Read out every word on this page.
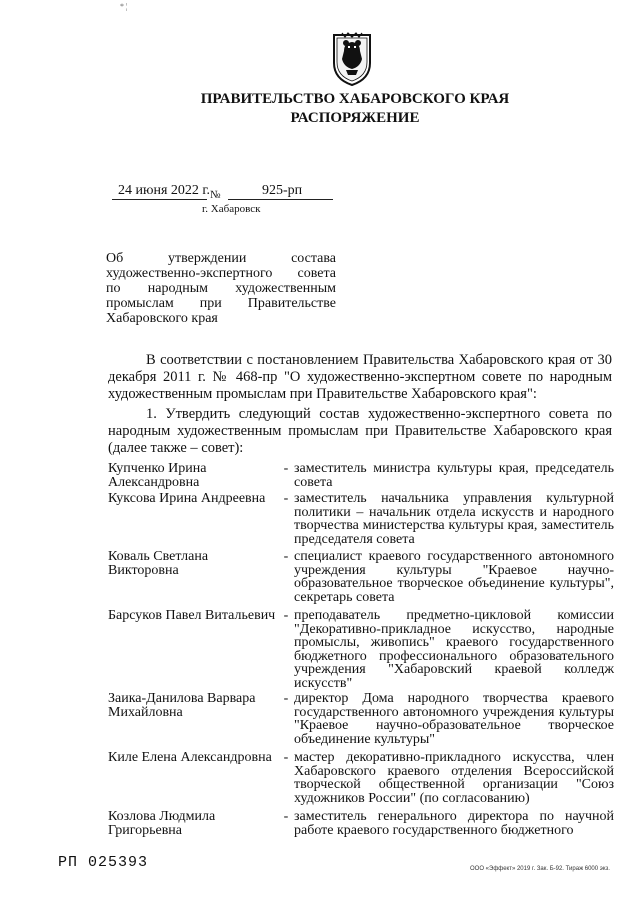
* ¦
ПРАВИТЕЛЬСТВО ХАБАРОВСКОГО КРАЯ
РАСПОРЯЖЕНИЕ
24 июня 2022 г. №	925-рп
г. Хабаровск
Об утверждении состава
художественно-экспертного совета
по народным художественным
промыслам при Правительстве
Хабаровского края
В соответствии с постановлением Правительства Хабаровского края от 30 декабря 2011 г. № 468-пр "О художественно-экспертном совете по народным художественным промыслам при Правительстве Хабаровского края":
1. Утвердить следующий состав художественно-экспертного совета по народным художественным промыслам при Правительстве Хабаровского края (далее также – совет):
Купченко Ирина Александровна
- заместитель министра культуры края, председатель совета
Куксова Ирина Андреевна	- заместитель начальника управления культурной политики – начальник отдела искусств и народного творчества министерства культуры края, заместитель председателя совета
Коваль Светлана Викторовна
- специалист краевого государственного автономного учреждения культуры "Краевое научно-образовательное творческое объединение культуры", секретарь совета
Барсуков Павел Витальевич - преподаватель предметно-цикловой комиссии "Декоративно-прикладное искусство, народные промыслы, живопись" краевого государственного бюджетного профессионального образовательного учреждения "Хабаровский краевой колледж искусств"
Заика-Данилова Варвара Михайловна
- директор Дома народного творчества краевого государственного автономного учреждения культуры "Краевое научно-образовательное творческое объединение культуры"
Киле Елена Александровна - мастер декоративно-прикладного искусства, член Хабаровского краевого отделения Всероссийской творческой общественной организации "Союз художников России" (по согласованию)
Козлова Людмила Григорьевна
- заместитель генерального директора по научной работе краевого государственного бюджетного
РП 025393	ООО «Эффект» 2019 г. Зак. Б-92. Тираж 6000 экз.
